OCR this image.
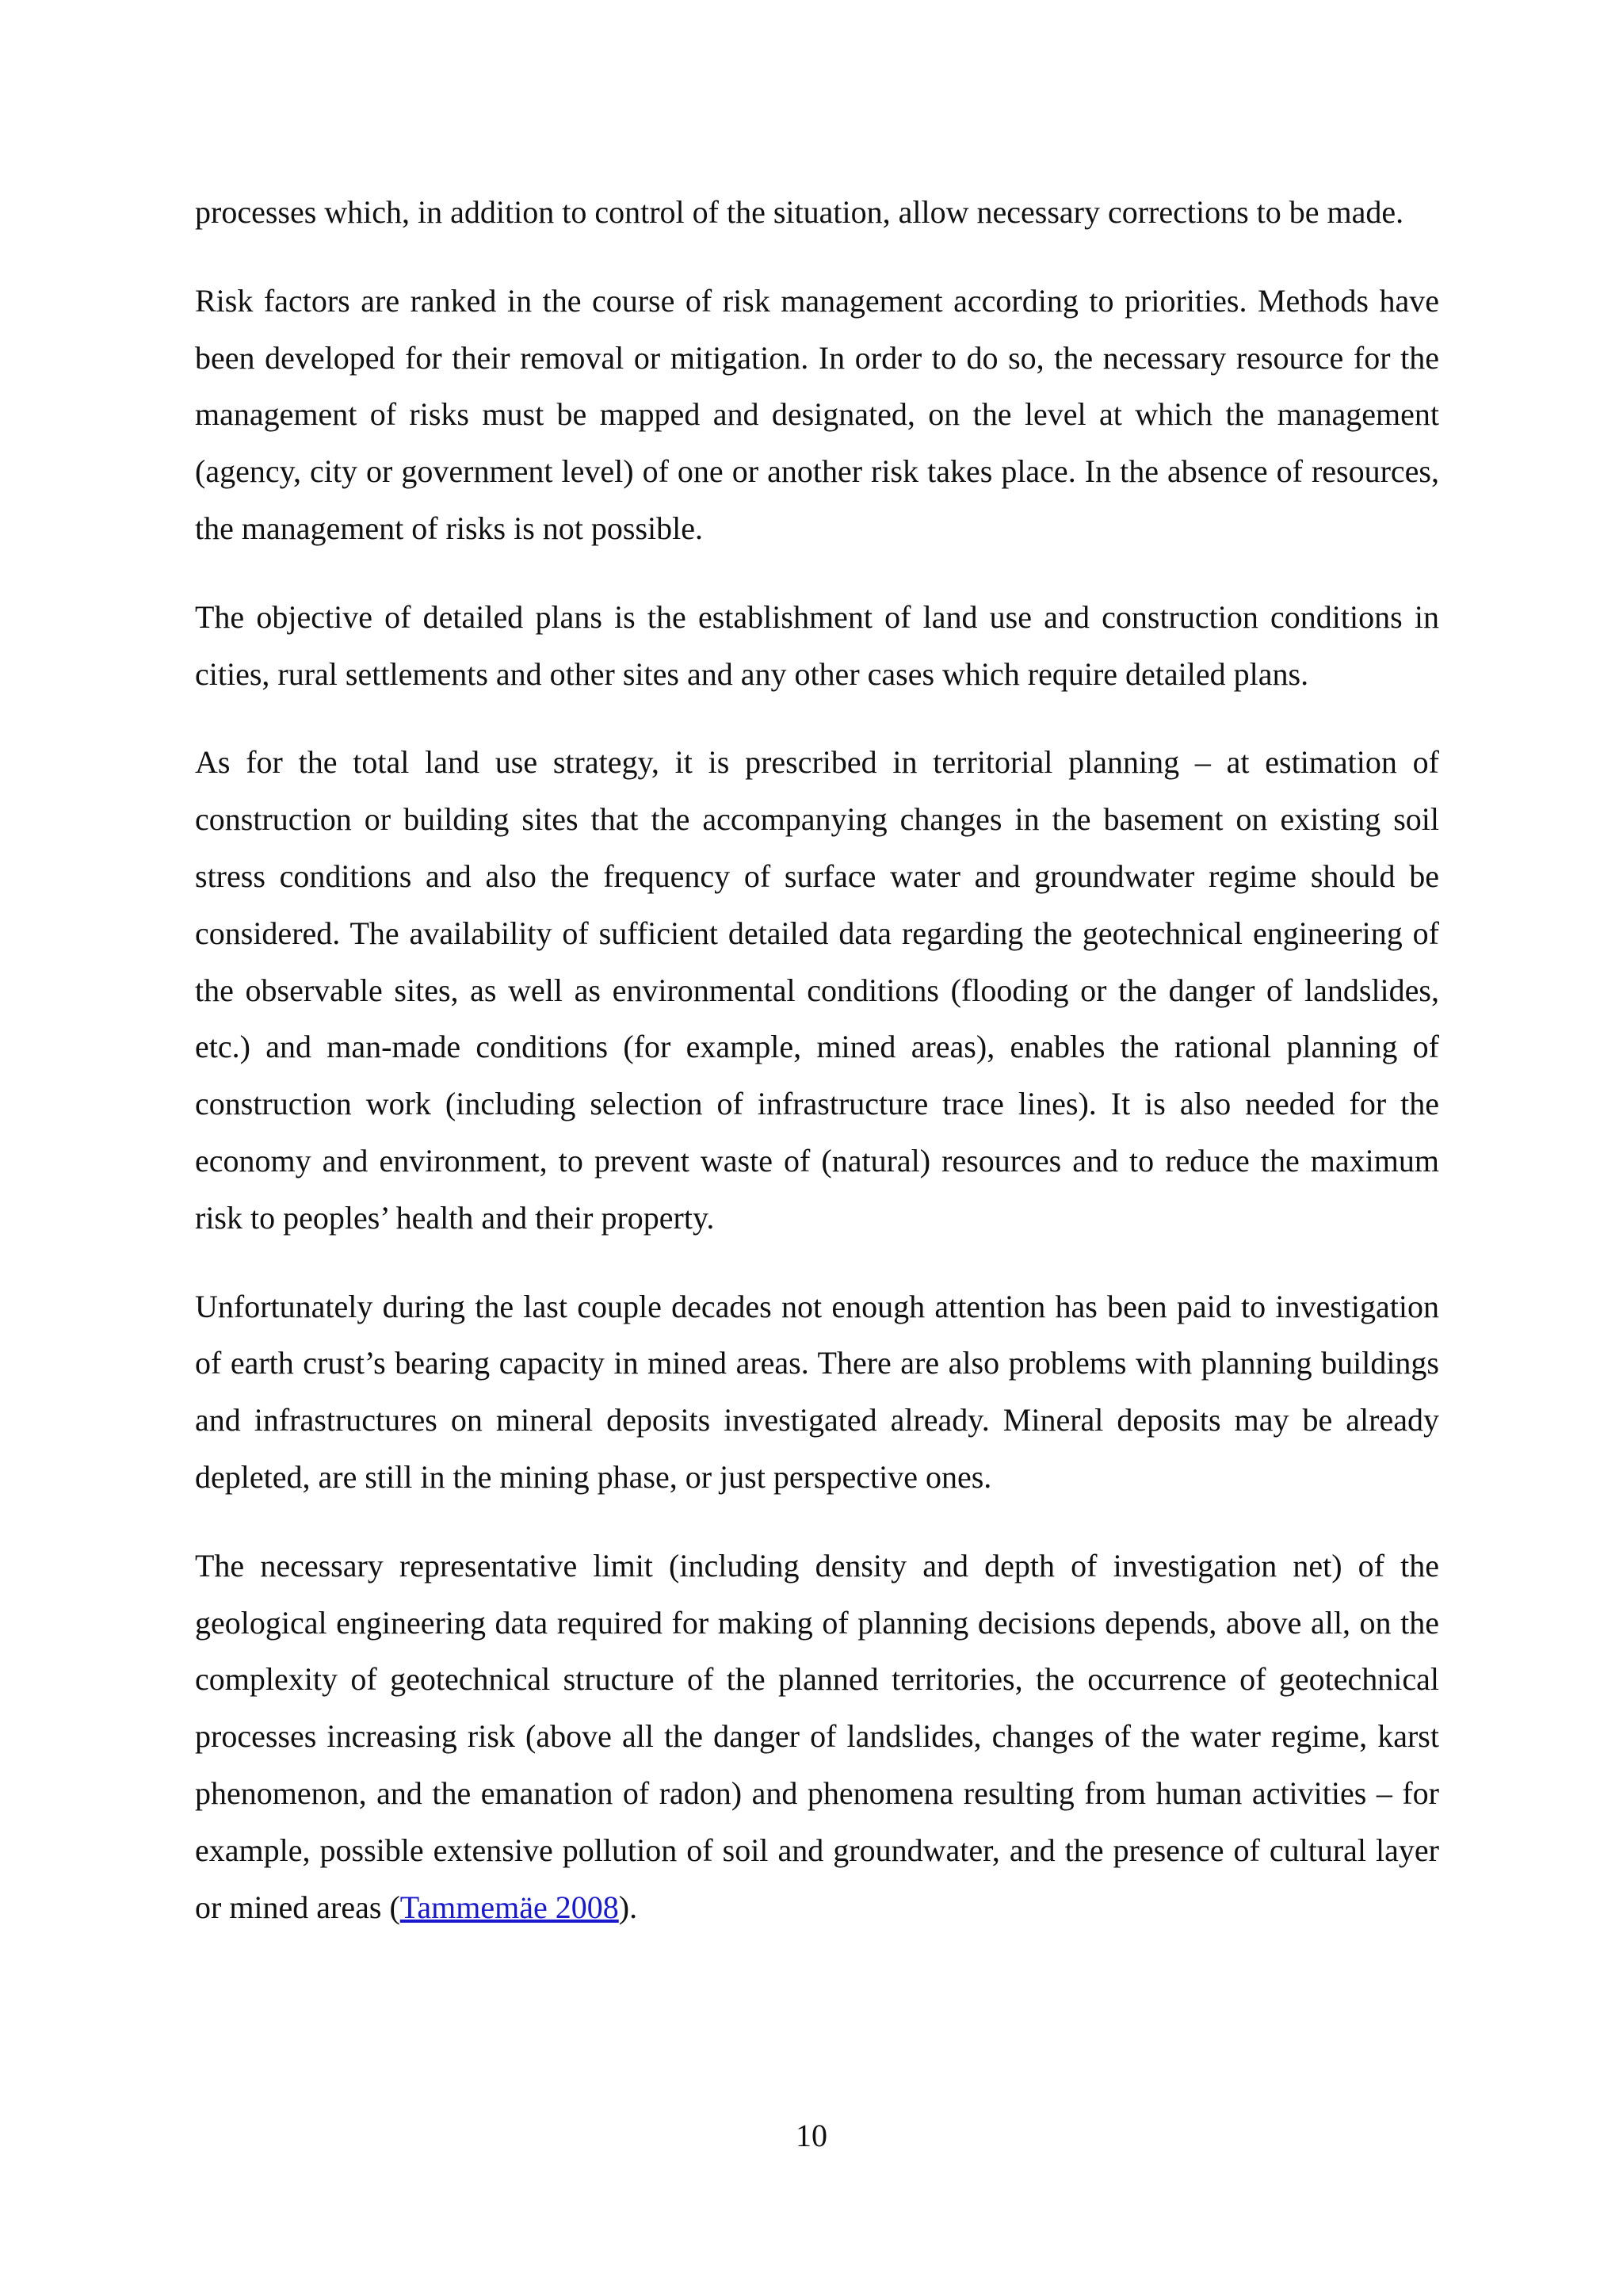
processes which, in addition to control of the situation, allow necessary corrections to be made.

Risk factors are ranked in the course of risk management according to priorities. Methods have been developed for their removal or mitigation. In order to do so, the necessary resource for the management of risks must be mapped and designated, on the level at which the management (agency, city or government level) of one or another risk takes place. In the absence of resources, the management of risks is not possible.

The objective of detailed plans is the establishment of land use and construction conditions in cities, rural settlements and other sites and any other cases which require detailed plans.

As for the total land use strategy, it is prescribed in territorial planning – at estimation of construction or building sites that the accompanying changes in the basement on existing soil stress conditions and also the frequency of surface water and groundwater regime should be considered. The availability of sufficient detailed data regarding the geotechnical engineering of the observable sites, as well as environmental conditions (flooding or the danger of landslides, etc.) and man-made conditions (for example, mined areas), enables the rational planning of construction work (including selection of infrastructure trace lines). It is also needed for the economy and environment, to prevent waste of (natural) resources and to reduce the maximum risk to peoples’ health and their property.

Unfortunately during the last couple decades not enough attention has been paid to investigation of earth crust’s bearing capacity in mined areas. There are also problems with planning buildings and infrastructures on mineral deposits investigated already. Mineral deposits may be already depleted, are still in the mining phase, or just perspective ones.

The necessary representative limit (including density and depth of investigation net) of the geological engineering data required for making of planning decisions depends, above all, on the complexity of geotechnical structure of the planned territories, the occurrence of geotechnical processes increasing risk (above all the danger of landslides, changes of the water regime, karst phenomenon, and the emanation of radon) and phenomena resulting from human activities – for example, possible extensive pollution of soil and groundwater, and the presence of cultural layer or mined areas (Tammemäe 2008).

10
